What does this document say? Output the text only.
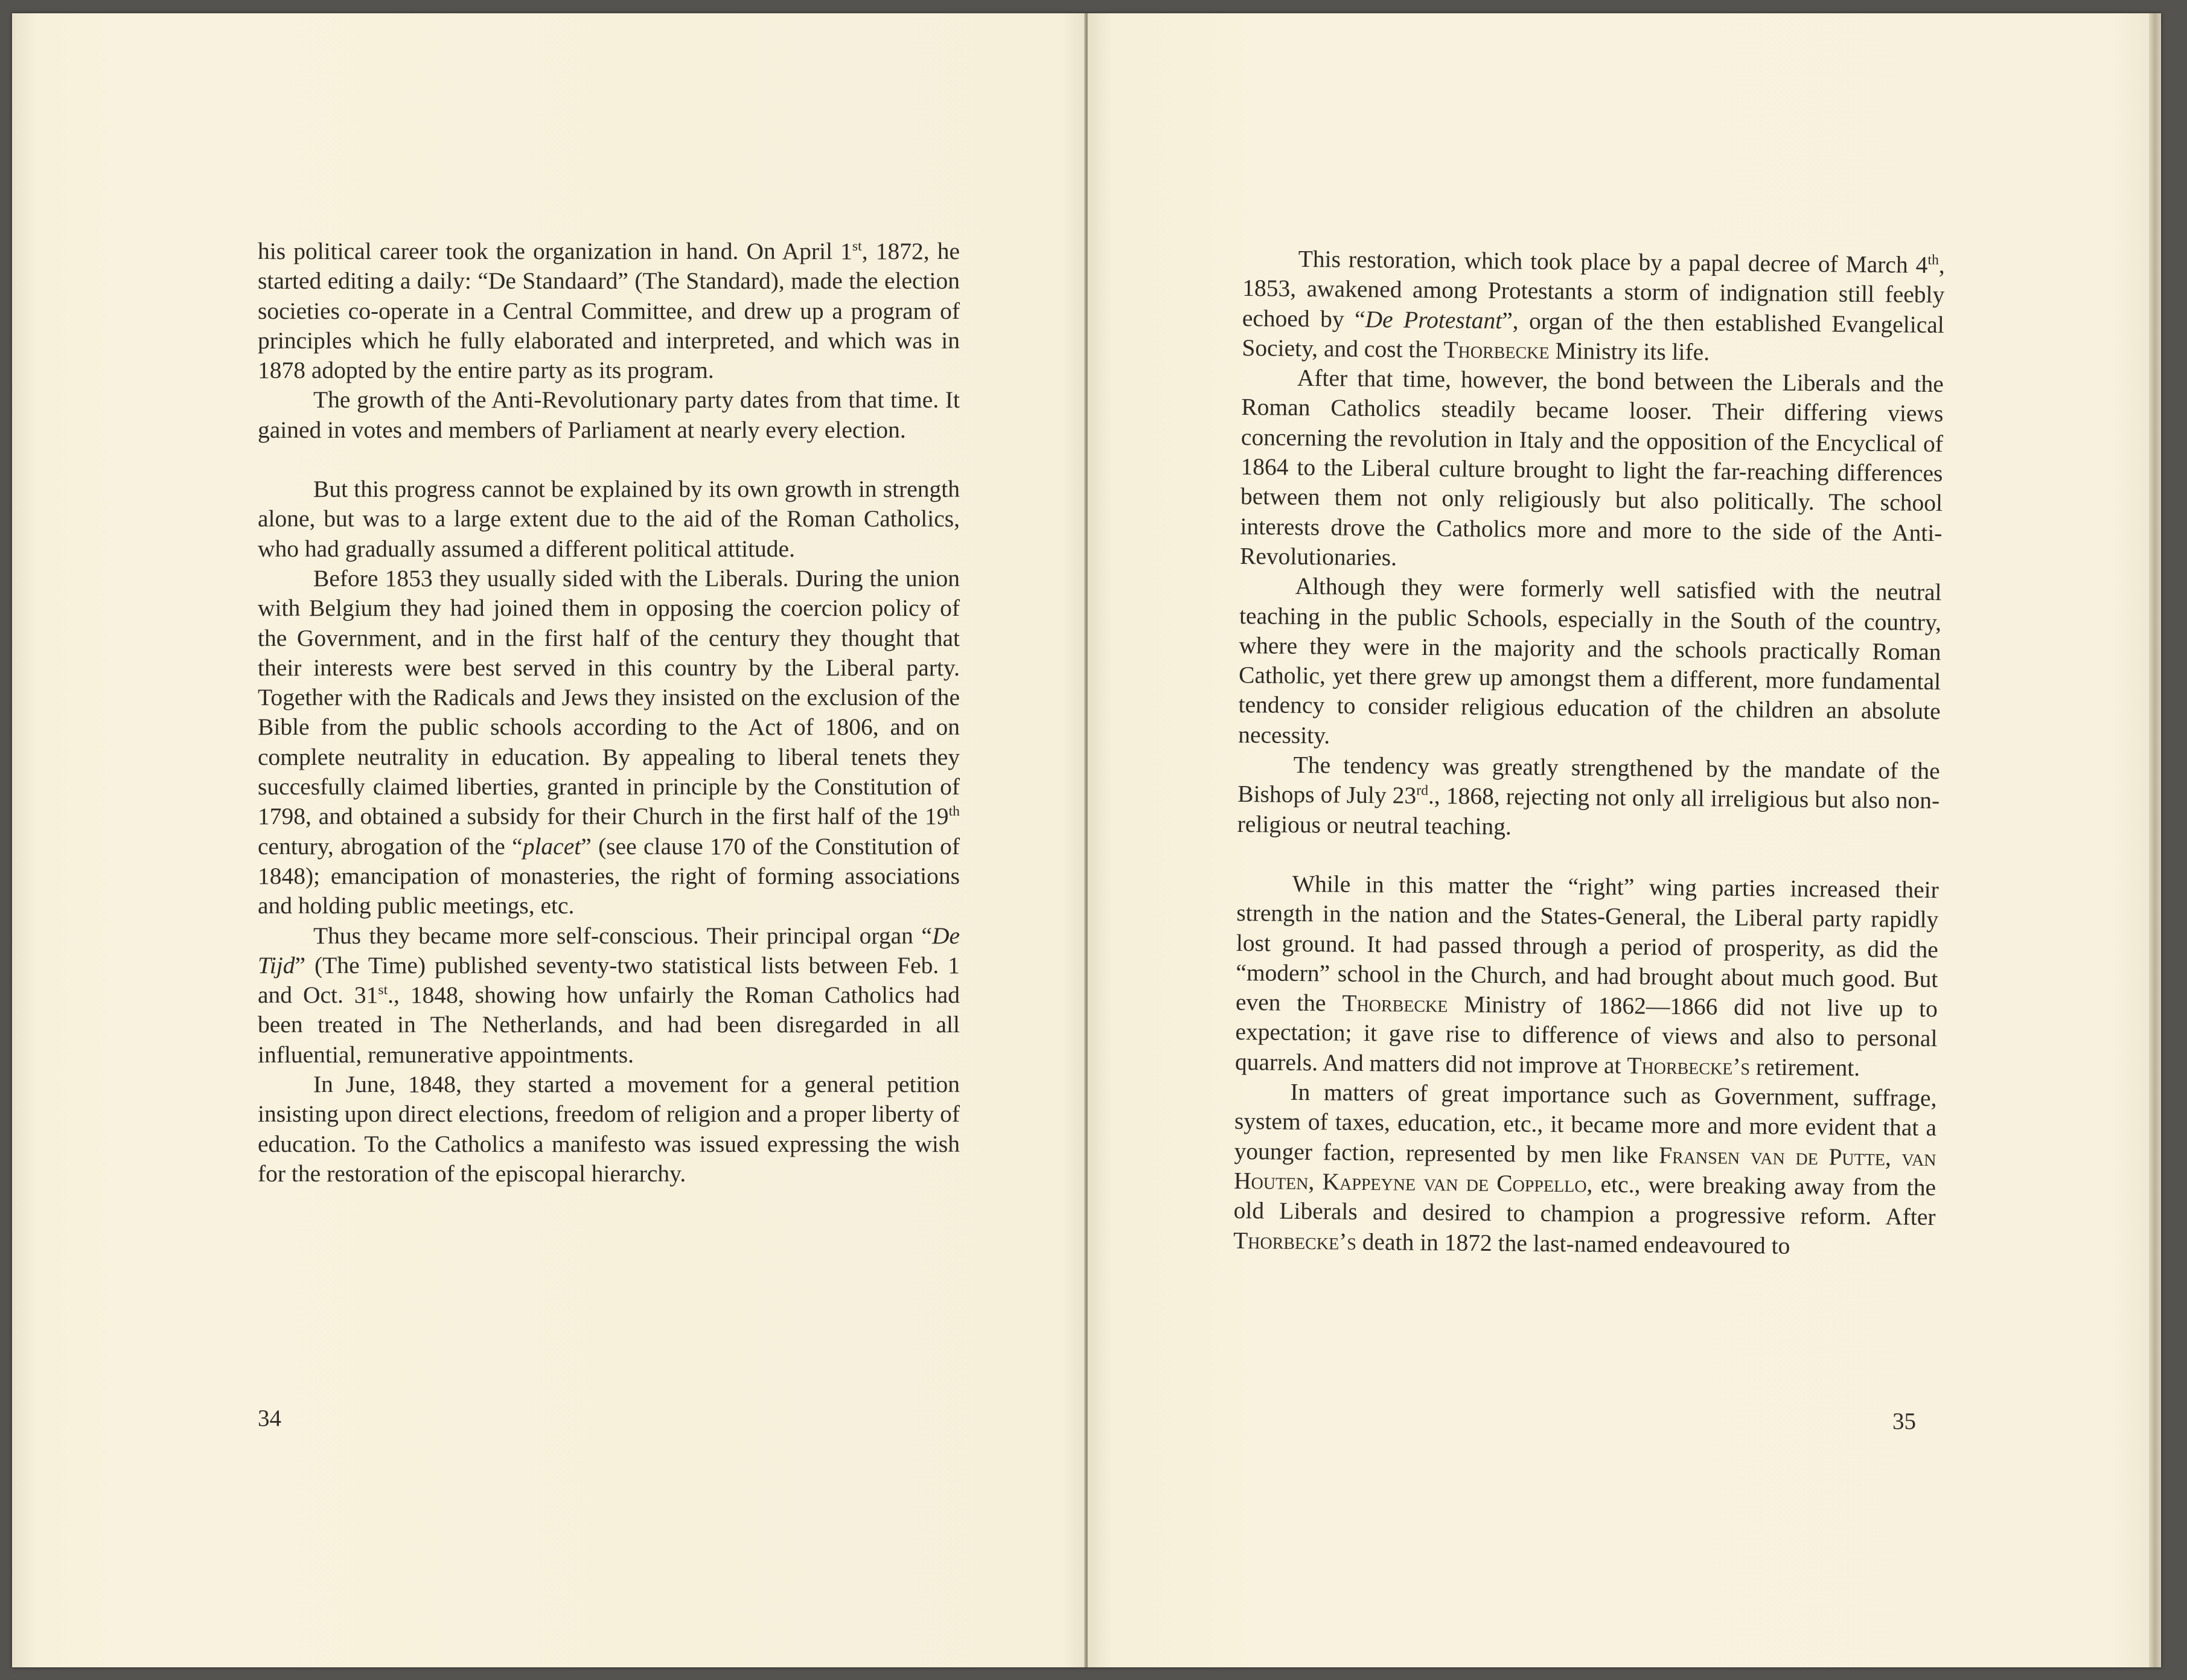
his political career took the organization in hand. On April 1st, 1872, he started editing a daily: “De Standaard” (The Standard), made the election societies co-operate in a Central Committee, and drew up a program of principles which he fully elaborated and interpreted, and which was in 1878 adopted by the entire party as its program.

The growth of the Anti-Revolutionary party dates from that time. It gained in votes and members of Parliament at nearly every election.

But this progress cannot be explained by its own growth in strength alone, but was to a large extent due to the aid of the Roman Catholics, who had gradually assumed a different political attitude.

Before 1853 they usually sided with the Liberals. During the union with Belgium they had joined them in opposing the coercion policy of the Government, and in the first half of the century they thought that their interests were best served in this country by the Liberal party. Together with the Radicals and Jews they insisted on the exclusion of the Bible from the public schools according to the Act of 1806, and on complete neutrality in education. By appealing to liberal tenets they succesfully claimed liberties, granted in principle by the Constitution of 1798, and obtained a subsidy for their Church in the first half of the 19th century, abrogation of the “placet” (see clause 170 of the Constitution of 1848); emancipation of monasteries, the right of forming associations and holding public meetings, etc.

Thus they became more self-conscious. Their principal organ “De Tijd” (The Time) published seventy-two statistical lists between Feb. 1 and Oct. 31st., 1848, showing how unfairly the Roman Catholics had been treated in The Netherlands, and had been disregarded in all influential, remunerative appointments.

In June, 1848, they started a movement for a general petition insisting upon direct elections, freedom of religion and a proper liberty of education. To the Catholics a manifesto was issued expressing the wish for the restoration of the episcopal hierarchy.

34

This restoration, which took place by a papal decree of March 4th, 1853, awakened among Protestants a storm of indignation still feebly echoed by “De Protestant”, organ of the then established Evangelical Society, and cost the Thorbecke Ministry its life.

After that time, however, the bond between the Liberals and the Roman Catholics steadily became looser. Their differing views concerning the revolution in Italy and the opposition of the Encyclical of 1864 to the Liberal culture brought to light the far-reaching differences between them not only religiously but also politically. The school interests drove the Catholics more and more to the side of the Anti-Revolutionaries.

Although they were formerly well satisfied with the neutral teaching in the public Schools, especially in the South of the country, where they were in the majority and the schools practically Roman Catholic, yet there grew up amongst them a different, more fundamental tendency to consider religious education of the children an absolute necessity.

The tendency was greatly strengthened by the mandate of the Bishops of July 23rd., 1868, rejecting not only all irreligious but also non-religious or neutral teaching.

While in this matter the “right” wing parties increased their strength in the nation and the States-General, the Liberal party rapidly lost ground. It had passed through a period of prosperity, as did the “modern” school in the Church, and had brought about much good. But even the Thorbecke Ministry of 1862—1866 did not live up to expectation; it gave rise to difference of views and also to personal quarrels. And matters did not improve at Thorbecke’s retirement.

In matters of great importance such as Government, suffrage, system of taxes, education, etc., it became more and more evident that a younger faction, represented by men like Fransen van de Putte, van Houten, Kappeyne van de Coppello, etc., were breaking away from the old Liberals and desired to champion a progressive reform. After Thorbecke’s death in 1872 the last-named endeavoured to

35
